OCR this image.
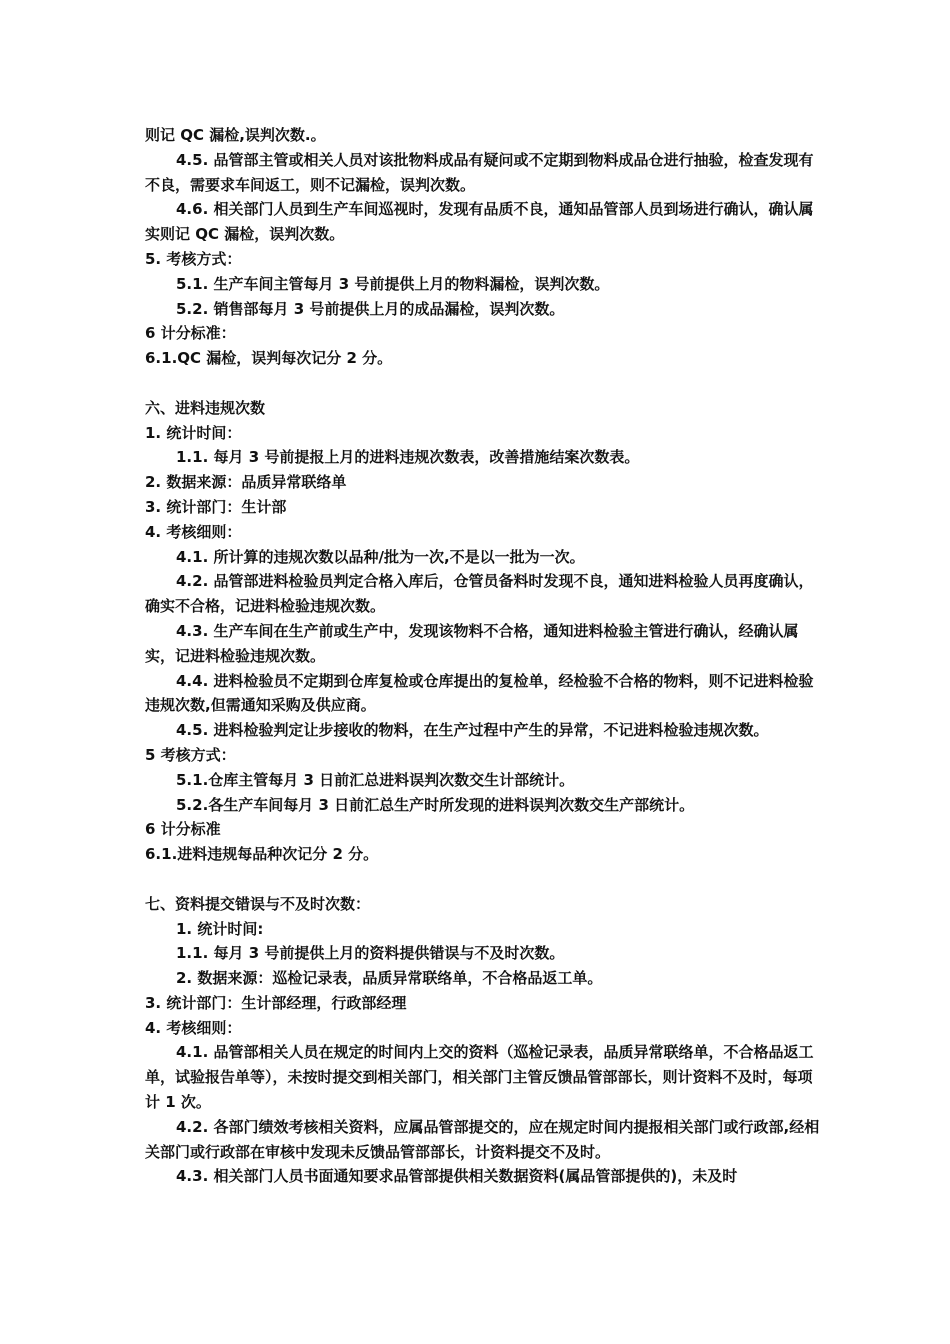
则记 QC 漏检,误判次数.。

4.5. 品管部主管或相关人员对该批物料成品有疑问或不定期到物料成品仓进行抽验，检查发现有不良，需要求车间返工，则不记漏检，误判次数。

4.6. 相关部门人员到生产车间巡视时，发现有品质不良，通知品管部人员到场进行确认，确认属实则记 QC 漏检，误判次数。

5. 考核方式：

5.1. 生产车间主管每月 3 号前提供上月的物料漏检，误判次数。

5.2. 销售部每月 3 号前提供上月的成品漏检，误判次数。

6 计分标准：

6.1.QC 漏检，误判每次记分 2 分。

六、进料违规次数

1. 统计时间：

1.1. 每月 3 号前提报上月的进料违规次数表，改善措施结案次数表。

2. 数据来源：品质异常联络单

3. 统计部门：生计部

4. 考核细则：

4.1. 所计算的违规次数以品种/批为一次,不是以一批为一次。

4.2. 品管部进料检验员判定合格入库后，仓管员备料时发现不良，通知进料检验人员再度确认，确实不合格，记进料检验违规次数。

4.3. 生产车间在生产前或生产中，发现该物料不合格，通知进料检验主管进行确认，经确认属实，记进料检验违规次数。

4.4. 进料检验员不定期到仓库复检或仓库提出的复检单，经检验不合格的物料，则不记进料检验违规次数,但需通知采购及供应商。

4.5. 进料检验判定让步接收的物料，在生产过程中产生的异常，不记进料检验违规次数。

5 考核方式：

5.1.仓库主管每月 3 日前汇总进料误判次数交生计部统计。

5.2.各生产车间每月 3 日前汇总生产时所发现的进料误判次数交生产部统计。

6 计分标准

6.1.进料违规每品种次记分 2 分。

七、资料提交错误与不及时次数：

1. 统计时间:

1.1. 每月 3 号前提供上月的资料提供错误与不及时次数。

2. 数据来源：巡检记录表，品质异常联络单，不合格品返工单。

3. 统计部门：生计部经理，行政部经理

4. 考核细则：

4.1. 品管部相关人员在规定的时间内上交的资料（巡检记录表，品质异常联络单，不合格品返工单，试验报告单等），未按时提交到相关部门，相关部门主管反馈品管部部长，则计资料不及时，每项计 1 次。

4.2. 各部门绩效考核相关资料，应属品管部提交的，应在规定时间内提报相关部门或行政部,经相关部门或行政部在审核中发现未反馈品管部部长，计资料提交不及时。

4.3. 相关部门人员书面通知要求品管部提供相关数据资料(属品管部提供的)，未及时
